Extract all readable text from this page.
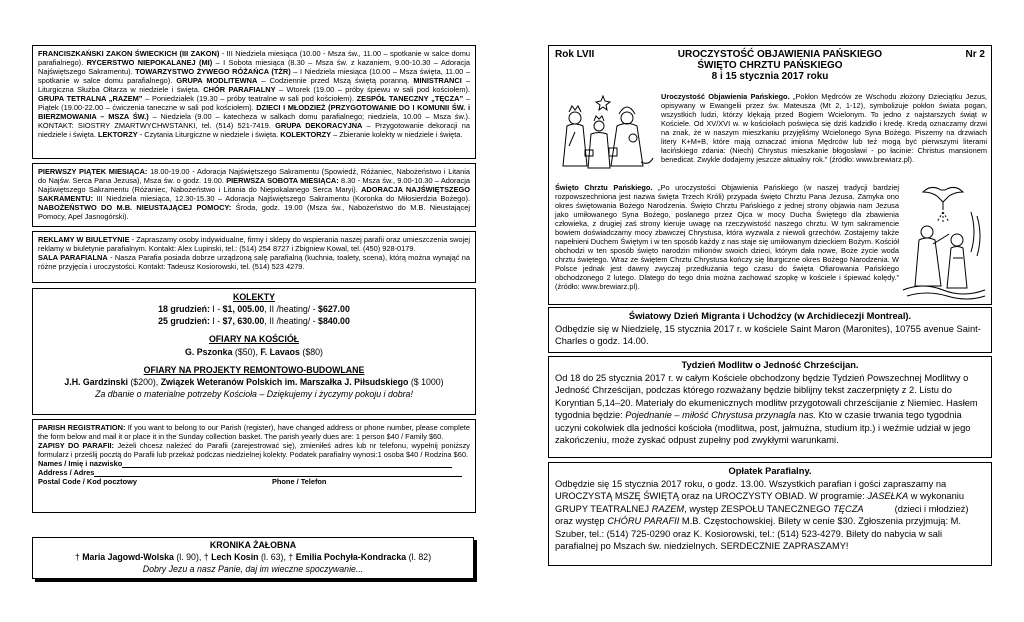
FRANCISZKAŃSKI ZAKON ŚWIECKICH (III ZAKON) - III Niedziela miesiąca (10.00 - Msza św., 11.00 – spotkanie w salce domu parafialnego). RYCERSTWO NIEPOKALANEJ (MI) – I Sobota miesiąca (8.30 – Msza św. z kazaniem, 9.00-10.30 – Adoracja Najświętszego Sakramentu). TOWARZYSTWO ŻYWEGO RÓŻAŃCA (TŻR) – I Niedziela miesiąca (10.00 – Msza święta, 11.00 – spotkanie w salce domu parafialnego). GRUPA MODLITEWNA – Codziennie przed Mszą świętą poranną. MINISTRANCI – Liturgiczna Służba Ołtarza w niedziele i święta. CHÓR PARAFIALNY – Wtorek (19.00 – próby śpiewu w sali pod kościołem). GRUPA TETRALNA „RAZEM” – Poniedziałek (19.30 – próby teatralne w sali pod kościołem). ZESPÓŁ TANECZNY „TĘCZA” – Piątek (19.00-22.00 – ćwiczenia taneczne w sali pod kościołem). DZIECI I MŁODZIEŻ (PRZYGOTOWANIE DO I KOMUNII ŚW. i BIERZMOWANIA – MSZA ŚW.) – Niedziela (9.00 – katecheza w salkach domu parafialnego; niedziela, 10.00 – Msza św.). KONTAKT: SIOSTRY ZMARTWYCHWSTANKI, tel. (514) 521-7419. GRUPA DEKORACYJNA – Przygotowanie dekoracji na niedziele i święta. LEKTORZY - Czytania Liturgiczne w niedziele i święta. KOLEKTORZY – Zbieranie kolekty w niedziele i święta.

PIERWSZY PIĄTEK MIESIĄCA: 18.00-19.00 - Adoracja Najświętszego Sakramentu (Spowiedź, Różaniec, Nabożeństwo i Litania do Najśw. Serca Pana Jezusa), Msza św. o godz. 19.00. PIERWSZA SOBOTA MIESIĄCA: 8.30 - Msza św., 9.00-10.30 – Adoracja Najświętszego Sakramentu (Różaniec, Nabożeństwo i Litania do Niepokalanego Serca Maryi). ADORACJA NAJŚWIĘTSZEGO SAKRAMENTU: III Niedziela miesiąca, 12.30-15.30 – Adoracja Najświętszego Sakramentu (Koronka do Miłosierdzia Bożego). NABOŻEŃSTWO DO M.B. NIEUSTAJĄCEJ POMOCY: Środa, godz. 19.00 (Msza św., Nabożeństwo do M.B. Nieustającej Pomocy, Apel Jasnogórski).

REKLAMY W BIULETYNIE - Zapraszamy osoby indywidualne, firmy i sklepy do wspierania naszej parafii oraz umieszczenia swojej reklamy w biuletynie parafialnym. Kontakt: Alex Lupinski, tel.: (514) 254 8727 i Zbigniew Kowal, tel. (450) 928-0179.

SALA PARAFIALNA - Nasza Parafia posiada dobrze urządzoną salę parafialną (kuchnia, toalety, scena), którą można wynająć na różne przyjęcia i uroczystości. Kontakt: Tadeusz Kosiorowski, tel. (514) 523 4279.

KOLEKTY

18 grudzień: I - $1, 005.00, II /heating/ - $627.00

25 grudzień: I - $7, 630.00, II /heating/ - $840.00

OFIARY NA KOŚCIÓŁ

G. Pszonka ($50), F. Lavaos ($80)

OFIARY NA PROJEKTY REMONTOWO-BUDOWLANE

J.H. Gardzinski ($200), Związek Weteranów Polskich im. Marszałka J. Piłsudskiego ($ 1000)

Za dbanie o materialne potrzeby Kościoła – Dziękujemy i życzymy pokoju i dobra!

PARISH REGISTRATION: If you want to belong to our Parish (register), have changed address or phone number, please complete the form below and mail it or place it in the Sunday collection basket. The parish yearly dues are: 1 person $40 / Family $60.

ZAPISY DO PARAFII: Jeżeli chcesz należeć do Parafii (zarejestrować się), zmieniłeś adres lub nr telefonu, wypełnij poniższy formularz i prześlij pocztą do Parafii lub przekaż podczas niedzielnej kolekty. Podatek parafialny wynosi:1 osoba $40 / Rodzina $60.

Names / Imię i nazwisko

Address / Adres

Postal Code / Kod pocztowy	Phone / Telefon

KRONIKA ŻAŁOBNA

† Maria Jagowd-Wolska (l. 90), † Lech Kosin (l. 63), † Emilia Pochyła-Kondracka (l. 82)

Dobry Jezu a nasz Panie, daj im wieczne spoczywanie...

Rok LVII	UROCZYSTOŚĆ OBJAWIENIA PAŃSKIEGO	Nr 2

ŚWIĘTO CHRZTU PAŃSKIEGO

8 i 15 stycznia 2017 roku

Uroczystość Objawienia Pańskiego. „Pokłon Mędrców ze Wschodu złożony Dzieciątku Jezus, opisywany w Ewangelii przez św. Mateusza (Mt 2, 1-12), symbolizuje pokłon świata pogan, wszystkich ludzi, którzy klękają przed Bogiem Wcielonym. To jedno z najstarszych świąt w Kościele. Od XV/XVI w. w kościołach poświęca się dziś kadzidło i kredę. Kredą oznaczamy drzwi na znak, że w naszym mieszkaniu przyjęliśmy Wcielonego Syna Bożego. Piszemy na drzwiach litery K+M+B, które mają oznaczać imiona Mędrców lub też mogą być pierwszymi literami łacińskiego zdania: (Niech) Chrystus mieszkanie błogosławi - po łacinie: Christus mansionem benedicat. Zwykle dodajemy jeszcze aktualny rok.” (źródło: www.brewiarz.pl).

Święto Chrztu Pańskiego. „Po uroczystości Objawienia Pańskiego (w naszej tradycji bardziej rozpowszechniona jest nazwa święta Trzech Króli) przypada święto Chrztu Pana Jezusa. Zamyka ono okres świętowania Bożego Narodzenia. Święto Chrztu Pańskiego z jednej strony objawia nam Jezusa jako umiłowanego Syna Bożego, posłanego przez Ojca w mocy Ducha Świętego dla zbawienia człowieka, z drugiej zaś strony kieruje uwagę na rzeczywistość naszego chrztu. W tym sakramencie bowiem doświadczamy mocy zbawczej Chrystusa, która wyzwala z niewoli grzechów. Zostajemy także napełnieni Duchem Świętym i w ten sposób każdy z nas staje się umiłowanym dzieckiem Bożym. Kościół obchodzi w ten sposób święto narodzin milionów swoich dzieci, którym dała nowe, Boże życie woda chrztu świętego. Wraz ze świętem Chrztu Chrystusa kończy się liturgiczne okres Bożego Narodzenia. W Polsce jednak jest dawny zwyczaj przedłużania tego czasu do święta Ofiarowania Pańskiego obchodzonego 2 lutego. Dlatego do tego dnia można zachować szopkę w kościele i śpiewać kolędy.” (źródło: www.brewiarz.pl).

Światowy Dzień Migranta i Uchodźcy (w Archidiecezji Montreal).

Odbędzie się w Niedzielę, 15 stycznia 2017 r. w kościele Saint Maron (Maronites), 10755 avenue Saint-Charles o godz. 14.00.

Tydzień Modlitw o Jedność Chrześcijan.

Od 18 do 25 stycznia 2017 r. w całym Kościele obchodzony będzie Tydzień Powszechnej Modlitwy o Jedność Chrześcijan, podczas którego rozważany będzie biblijny tekst zaczerpnięty z 2. Listu do Koryntian 5,14–20. Materiały do ekumenicznych modlitw przygotowali chrześcijanie z Niemiec. Hasłem tygodnia będzie: Pojednanie – miłość Chrystusa przynagla nas. Kto w czasie trwania tego tygodnia uczyni cokolwiek dla jedności kościoła (modlitwa, post, jałmużna, studium itp.) i weźmie udział w jego zakończeniu, może zyskać odpust zupełny pod zwykłymi warunkami.

Opłatek Parafialny.

Odbędzie się 15 stycznia 2017 roku, o godz. 13.00. Wszystkich parafian i gości zapraszamy na UROCZYSTĄ MSZĘ ŚWIĘTĄ oraz na UROCZYSTY OBIAD. W programie: JASEŁKA w wykonaniu GRUPY TEATRALNEJ RAZEM, występ ZESPOŁU TANECZNEGO TĘCZA            (dzieci i młodzież) oraz występ CHÓRU PARAFII M.B. Częstochowskiej. Bilety w cenie $30. Zgłoszenia przyjmują: M. Szuber, tel.: (514) 725-0290 oraz K. Kosiorowski, tel.: (514) 523-4279. Bilety do nabycia w sali parafialnej po Mszach św. niedzielnych. SERDECZNIE ZAPRASZAMY!
